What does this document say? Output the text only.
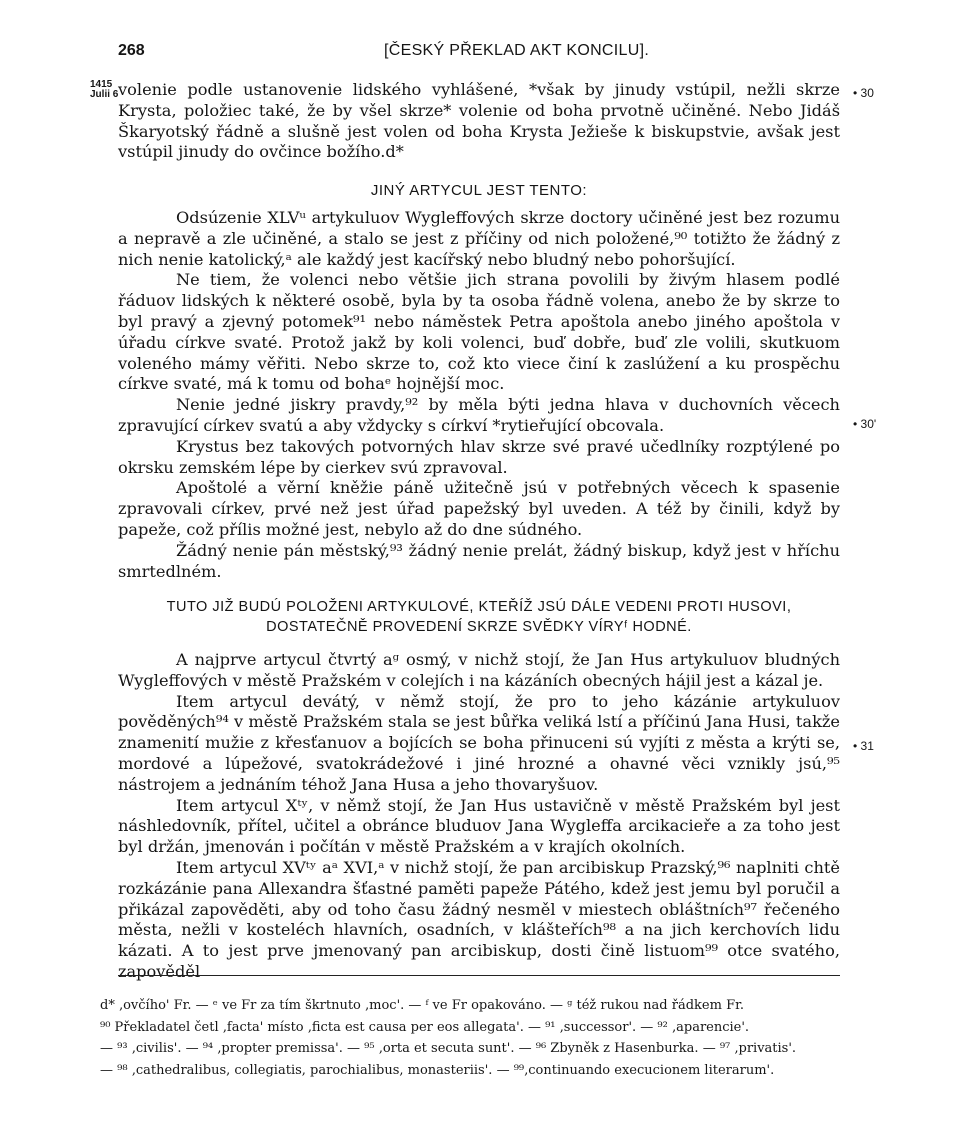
268	[ČESKÝ PŘEKLAD AKT KONCILU].
1415
Julii 6	• 30
• 30'
• 31

volenie podle ustanovenie lidského vyhlášené, *však by jinudy vstúpil, nežli skrze Krysta, položiec také, že by všel skrze* volenie od boha prvotně učiněné. Nebo Jidáš Škaryotský řádně a slušně jest volen od boha Krysta Ježieše k biskupstvie, avšak jest vstúpil jinudy do ovčince božího.d*

JINÝ ARTYCUL JEST TENTO:

Odsúzenie XLVᵘ artykuluov Wygleffových skrze doctory učiněné jest bez rozumu a nepravě a zle učiněné, a stalo se jest z příčiny od nich položené,⁹⁰ totižto že žádný z nich nenie katolický,ᵃ ale každý jest kacířský nebo bludný nebo pohoršující.

Ne tiem, že volenci nebo většie jich strana povolili by živým hlasem podlé řáduov lidských k některé osobě, byla by ta osoba řádně volena, anebo že by skrze to byl pravý a zjevný potomek⁹¹ nebo náměstek Petra apoštola anebo jiného apoštola v úřadu církve svaté. Protož jakž by koli volenci, buď dobře, buď zle volili, skutkuom voleného mámy věřiti. Nebo skrze to, což kto viece činí k zaslúžení a ku prospěchu církve svaté, má k tomu od bohaᵉ hojnější moc.

Nenie jedné jiskry pravdy,⁹² by měla býti jedna hlava v duchovních věcech zpravující církev svatú a aby vždycky s církví *rytieřující obcovala.

Krystus bez takových potvorných hlav skrze své pravé učedlníky rozptýlené po okrsku zemském lépe by cierkev svú zpravoval.

Apoštolé a věrní kněžie páně užitečně jsú v potřebných věcech k spasenie zpravovali církev, prvé než jest úřad papežský byl uveden. A též by činili, když by papeže, což přílis možné jest, nebylo až do dne súdného.

Žádný nenie pán městský,⁹³ žádný nenie prelát, žádný biskup, když jest v hříchu smrtedlném.

TUTO JIŽ BUDÚ POLOŽENI ARTYKULOVÉ, KTEŘÍŽ JSÚ DÁLE VEDENI PROTI HUSOVI, DOSTATEČNĚ PROVEDENÍ SKRZE SVĚDKY VÍRYᶠ HODNÉ.

A najprve artycul čtvrtý aᵍ osmý, v nichž stojí, že Jan Hus artykuluov bludných Wygleffových v městě Pražském v colejích i na kázáních obecných hájil jest a kázal je.

Item artycul devátý, v němž stojí, že pro to jeho kázánie artykuluov pověděných⁹⁴ v městě Pražském stala se jest bůřka veliká lstí a příčinú Jana Husi, takže znamenití mužie z křesťanuov a bojících se boha přinuceni sú vyjíti z města a krýti se, mordové a lúpežové, svatokrádežové i jiné hrozné a ohavné věci vznikly jsú,⁹⁵ nástrojem a jednáním téhož Jana Husa a jeho thovaryšuov.

Item artycul Xᵗʸ, v němž stojí, že Jan Hus ustavičně v městě Pražském byl jest náshledovník, přítel, učitel a obránce bluduov Jana Wygleffa arcikacieře a za toho jest byl držán, jmenován i počítán v městě Pražském a v krajích okolních.

Item artycul XVᵗʸ aᵃ XVI,ᵃ v nichž stojí, že pan arcibiskup Prazský,⁹⁶ naplniti chtě rozkázánie pana Allexandra šťastné paměti papeže Pátého, kdež jest jemu byl poručil a přikázal zapověděti, aby od toho času žádný nesměl v miestech obláštních⁹⁷ řečeného města, nežli v kosteléch hlavních, osadních, v klášteřích⁹⁸ a na jich kerchovích lidu kázati. A to jest prve jmenovaný pan arcibiskup, dosti čině listuom⁹⁹ otce svatého, zapověděl

d* ‚ovčího' Fr. — ᵉ ve Fr za tím škrtnuto ‚moc'. — ᶠ ve Fr opakováno. — ᵍ též rukou nad řádkem Fr.
⁹⁰ Překladatel četl ‚facta' místo ‚ficta est causa per eos allegata'. — ⁹¹ ‚successor'. — ⁹² ‚aparencie'.
— ⁹³ ‚civilis'. — ⁹⁴ ‚propter premissa'. — ⁹⁵ ‚orta et secuta sunt'. — ⁹⁶ Zbyněk z Hasenburka. — ⁹⁷ ‚privatis'.
— ⁹⁸ ‚cathedralibus, collegiatis, parochialibus, monasteriis'. — ⁹⁹‚continuando execucionem literarum'.
